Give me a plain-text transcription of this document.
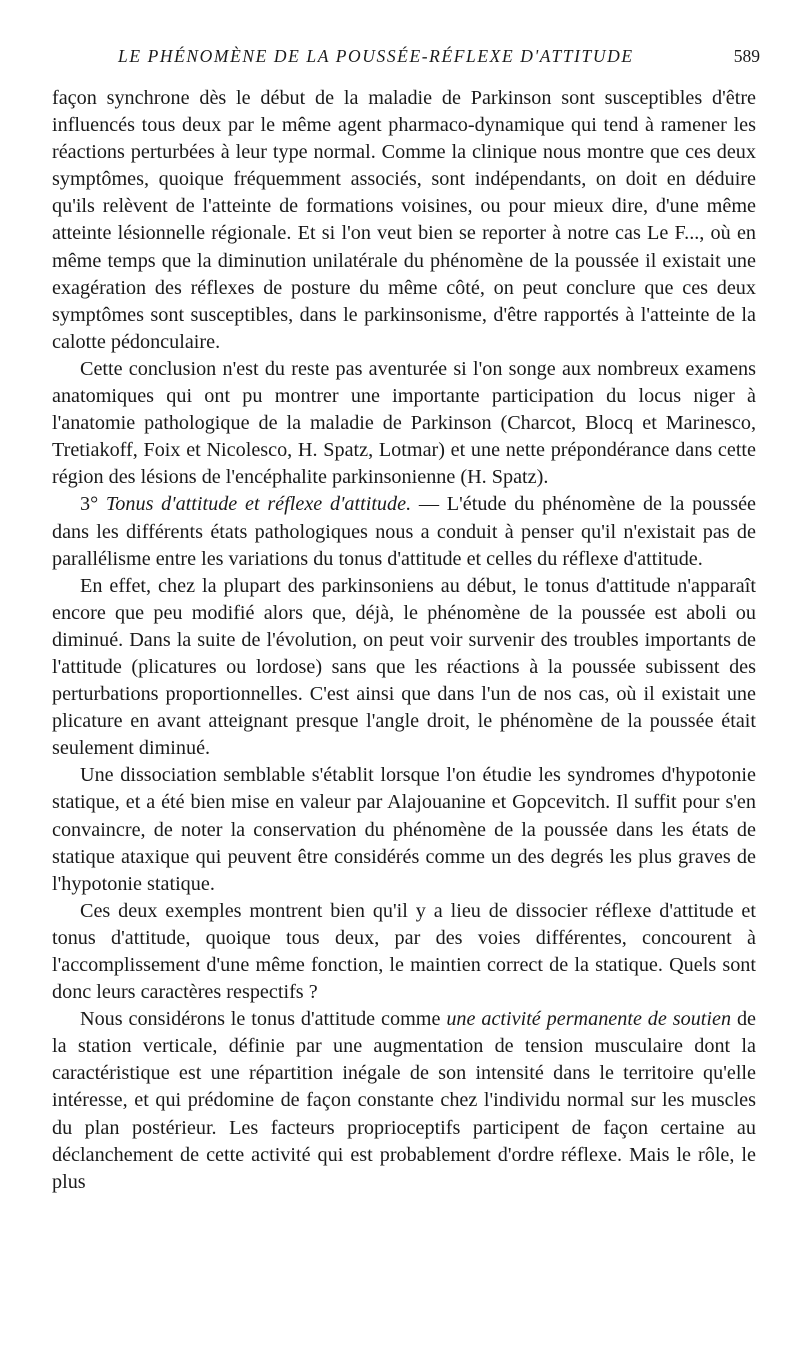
LE PHÉNOMÈNE DE LA POUSSÉE-RÉFLEXE D'ATTITUDE	589

façon synchrone dès le début de la maladie de Parkinson sont susceptibles d'être influencés tous deux par le même agent pharmaco-dynamique qui tend à ramener les réactions perturbées à leur type normal. Comme la clinique nous montre que ces deux symptômes, quoique fréquemment associés, sont indépendants, on doit en déduire qu'ils relèvent de l'atteinte de formations voisines, ou pour mieux dire, d'une même atteinte lésionnelle régionale. Et si l'on veut bien se reporter à notre cas Le F..., où en même temps que la diminution unilatérale du phénomène de la poussée il existait une exagération des réflexes de posture du même côté, on peut conclure que ces deux symptômes sont susceptibles, dans le parkinsonisme, d'être rapportés à l'atteinte de la calotte pédonculaire.

Cette conclusion n'est du reste pas aventurée si l'on songe aux nombreux examens anatomiques qui ont pu montrer une importante participation du locus niger à l'anatomie pathologique de la maladie de Parkinson (Charcot, Blocq et Marinesco, Tretiakoff, Foix et Nicolesco, H. Spatz, Lotmar) et une nette prépondérance dans cette région des lésions de l'encéphalite parkinsonienne (H. Spatz).

3° Tonus d'attitude et réflexe d'attitude. — L'étude du phénomène de la poussée dans les différents états pathologiques nous a conduit à penser qu'il n'existait pas de parallélisme entre les variations du tonus d'attitude et celles du réflexe d'attitude.

En effet, chez la plupart des parkinsoniens au début, le tonus d'attitude n'apparaît encore que peu modifié alors que, déjà, le phénomène de la poussée est aboli ou diminué. Dans la suite de l'évolution, on peut voir survenir des troubles importants de l'attitude (plicatures ou lordose) sans que les réactions à la poussée subissent des perturbations proportionnelles. C'est ainsi que dans l'un de nos cas, où il existait une plicature en avant atteignant presque l'angle droit, le phénomène de la poussée était seulement diminué.

Une dissociation semblable s'établit lorsque l'on étudie les syndromes d'hypotonie statique, et a été bien mise en valeur par Alajouanine et Gopcevitch. Il suffit pour s'en convaincre, de noter la conservation du phénomène de la poussée dans les états de statique ataxique qui peuvent être considérés comme un des degrés les plus graves de l'hypotonie statique.

Ces deux exemples montrent bien qu'il y a lieu de dissocier réflexe d'attitude et tonus d'attitude, quoique tous deux, par des voies différentes, concourent à l'accomplissement d'une même fonction, le maintien correct de la statique. Quels sont donc leurs caractères respectifs ?

Nous considérons le tonus d'attitude comme une activité permanente de soutien de la station verticale, définie par une augmentation de tension musculaire dont la caractéristique est une répartition inégale de son intensité dans le territoire qu'elle intéresse, et qui prédomine de façon constante chez l'individu normal sur les muscles du plan postérieur. Les facteurs proprioceptifs participent de façon certaine au déclanchement de cette activité qui est probablement d'ordre réflexe. Mais le rôle, le plus
